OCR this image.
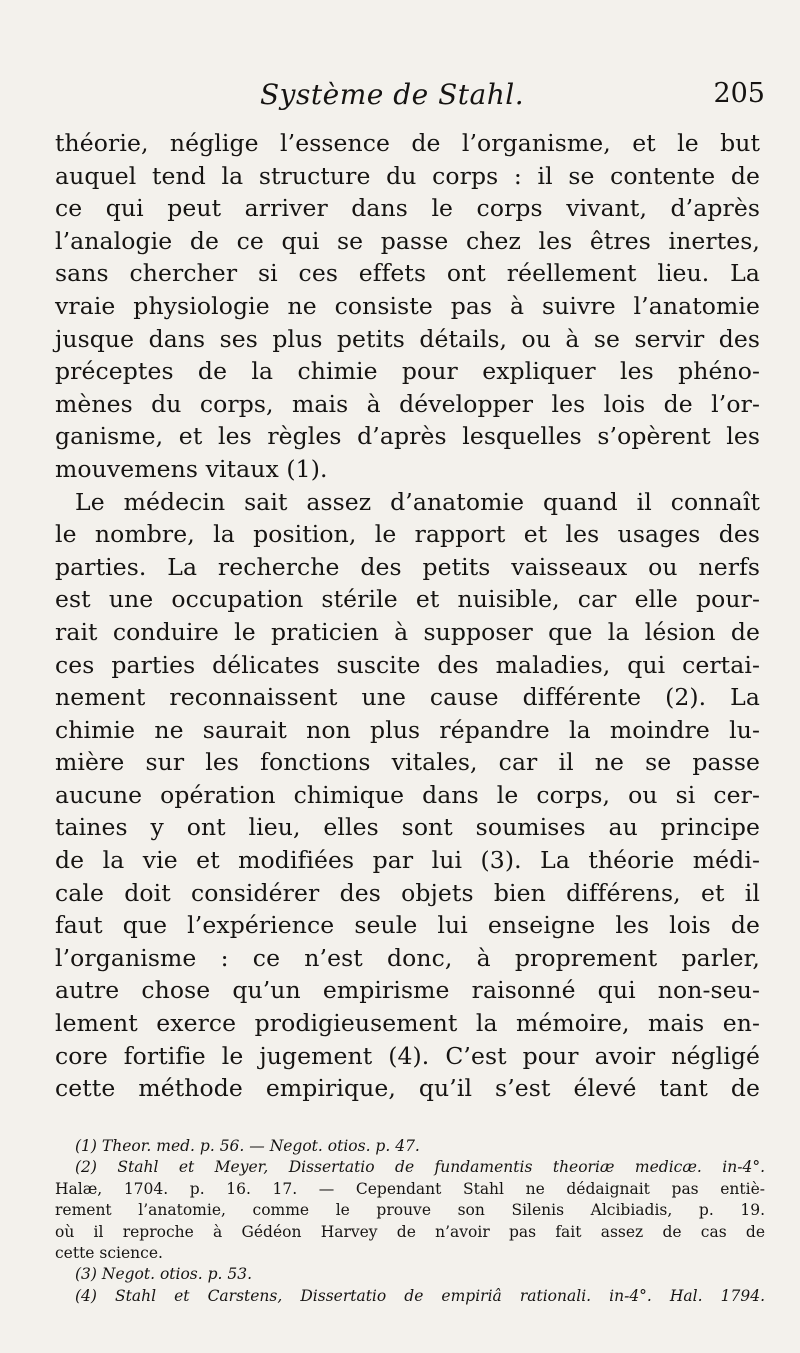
Système de Stahl.	205
théorie, néglige l’essence de l’organisme, et le but
auquel tend la structure du corps : il se contente de
ce qui peut arriver dans le corps vivant, d’après
l’analogie de ce qui se passe chez les êtres inertes,
sans chercher si ces effets ont réellement lieu. La
vraie physiologie ne consiste pas à suivre l’anatomie
jusque dans ses plus petits détails, ou à se servir des
préceptes de la chimie pour expliquer les phéno-
mènes du corps, mais à développer les lois de l’or-
ganisme, et les règles d’après lesquelles s’opèrent les
mouvemens vitaux (1).
Le médecin sait assez d’anatomie quand il connaît
le nombre, la position, le rapport et les usages des
parties. La recherche des petits vaisseaux ou nerfs
est une occupation stérile et nuisible, car elle pour-
rait conduire le praticien à supposer que la lésion de
ces parties délicates suscite des maladies, qui certai-
nement reconnaissent une cause différente (2). La
chimie ne saurait non plus répandre la moindre lu-
mière sur les fonctions vitales, car il ne se passe
aucune opération chimique dans le corps, ou si cer-
taines y ont lieu, elles sont soumises au principe
de la vie et modifiées par lui (3). La théorie médi-
cale doit considérer des objets bien différens, et il
faut que l’expérience seule lui enseigne les lois de
l’organisme : ce n’est donc, à proprement parler,
autre chose qu’un empirisme raisonné qui non-seu-
lement exerce prodigieusement la mémoire, mais en-
core fortifie le jugement (4). C’est pour avoir négligé
cette méthode empirique, qu’il s’est élevé tant de
(1) Theor. med. p. 56. — Negot. otios. p. 47.
(2) Stahl et Meyer, Dissertatio de fundamentis theoriæ medicæ. in-4°.
Halæ, 1704. p. 16. 17. — Cependant Stahl ne dédaignait pas entiè-
rement l’anatomie, comme le prouve son Silenis Alcibiadis, p. 19.
où il reproche à Gédéon Harvey de n’avoir pas fait assez de cas de
cette science.
(3) Negot. otios. p. 53.
(4) Stahl et Carstens, Dissertatio de empiriâ rationali. in-4°. Hal. 1794.
